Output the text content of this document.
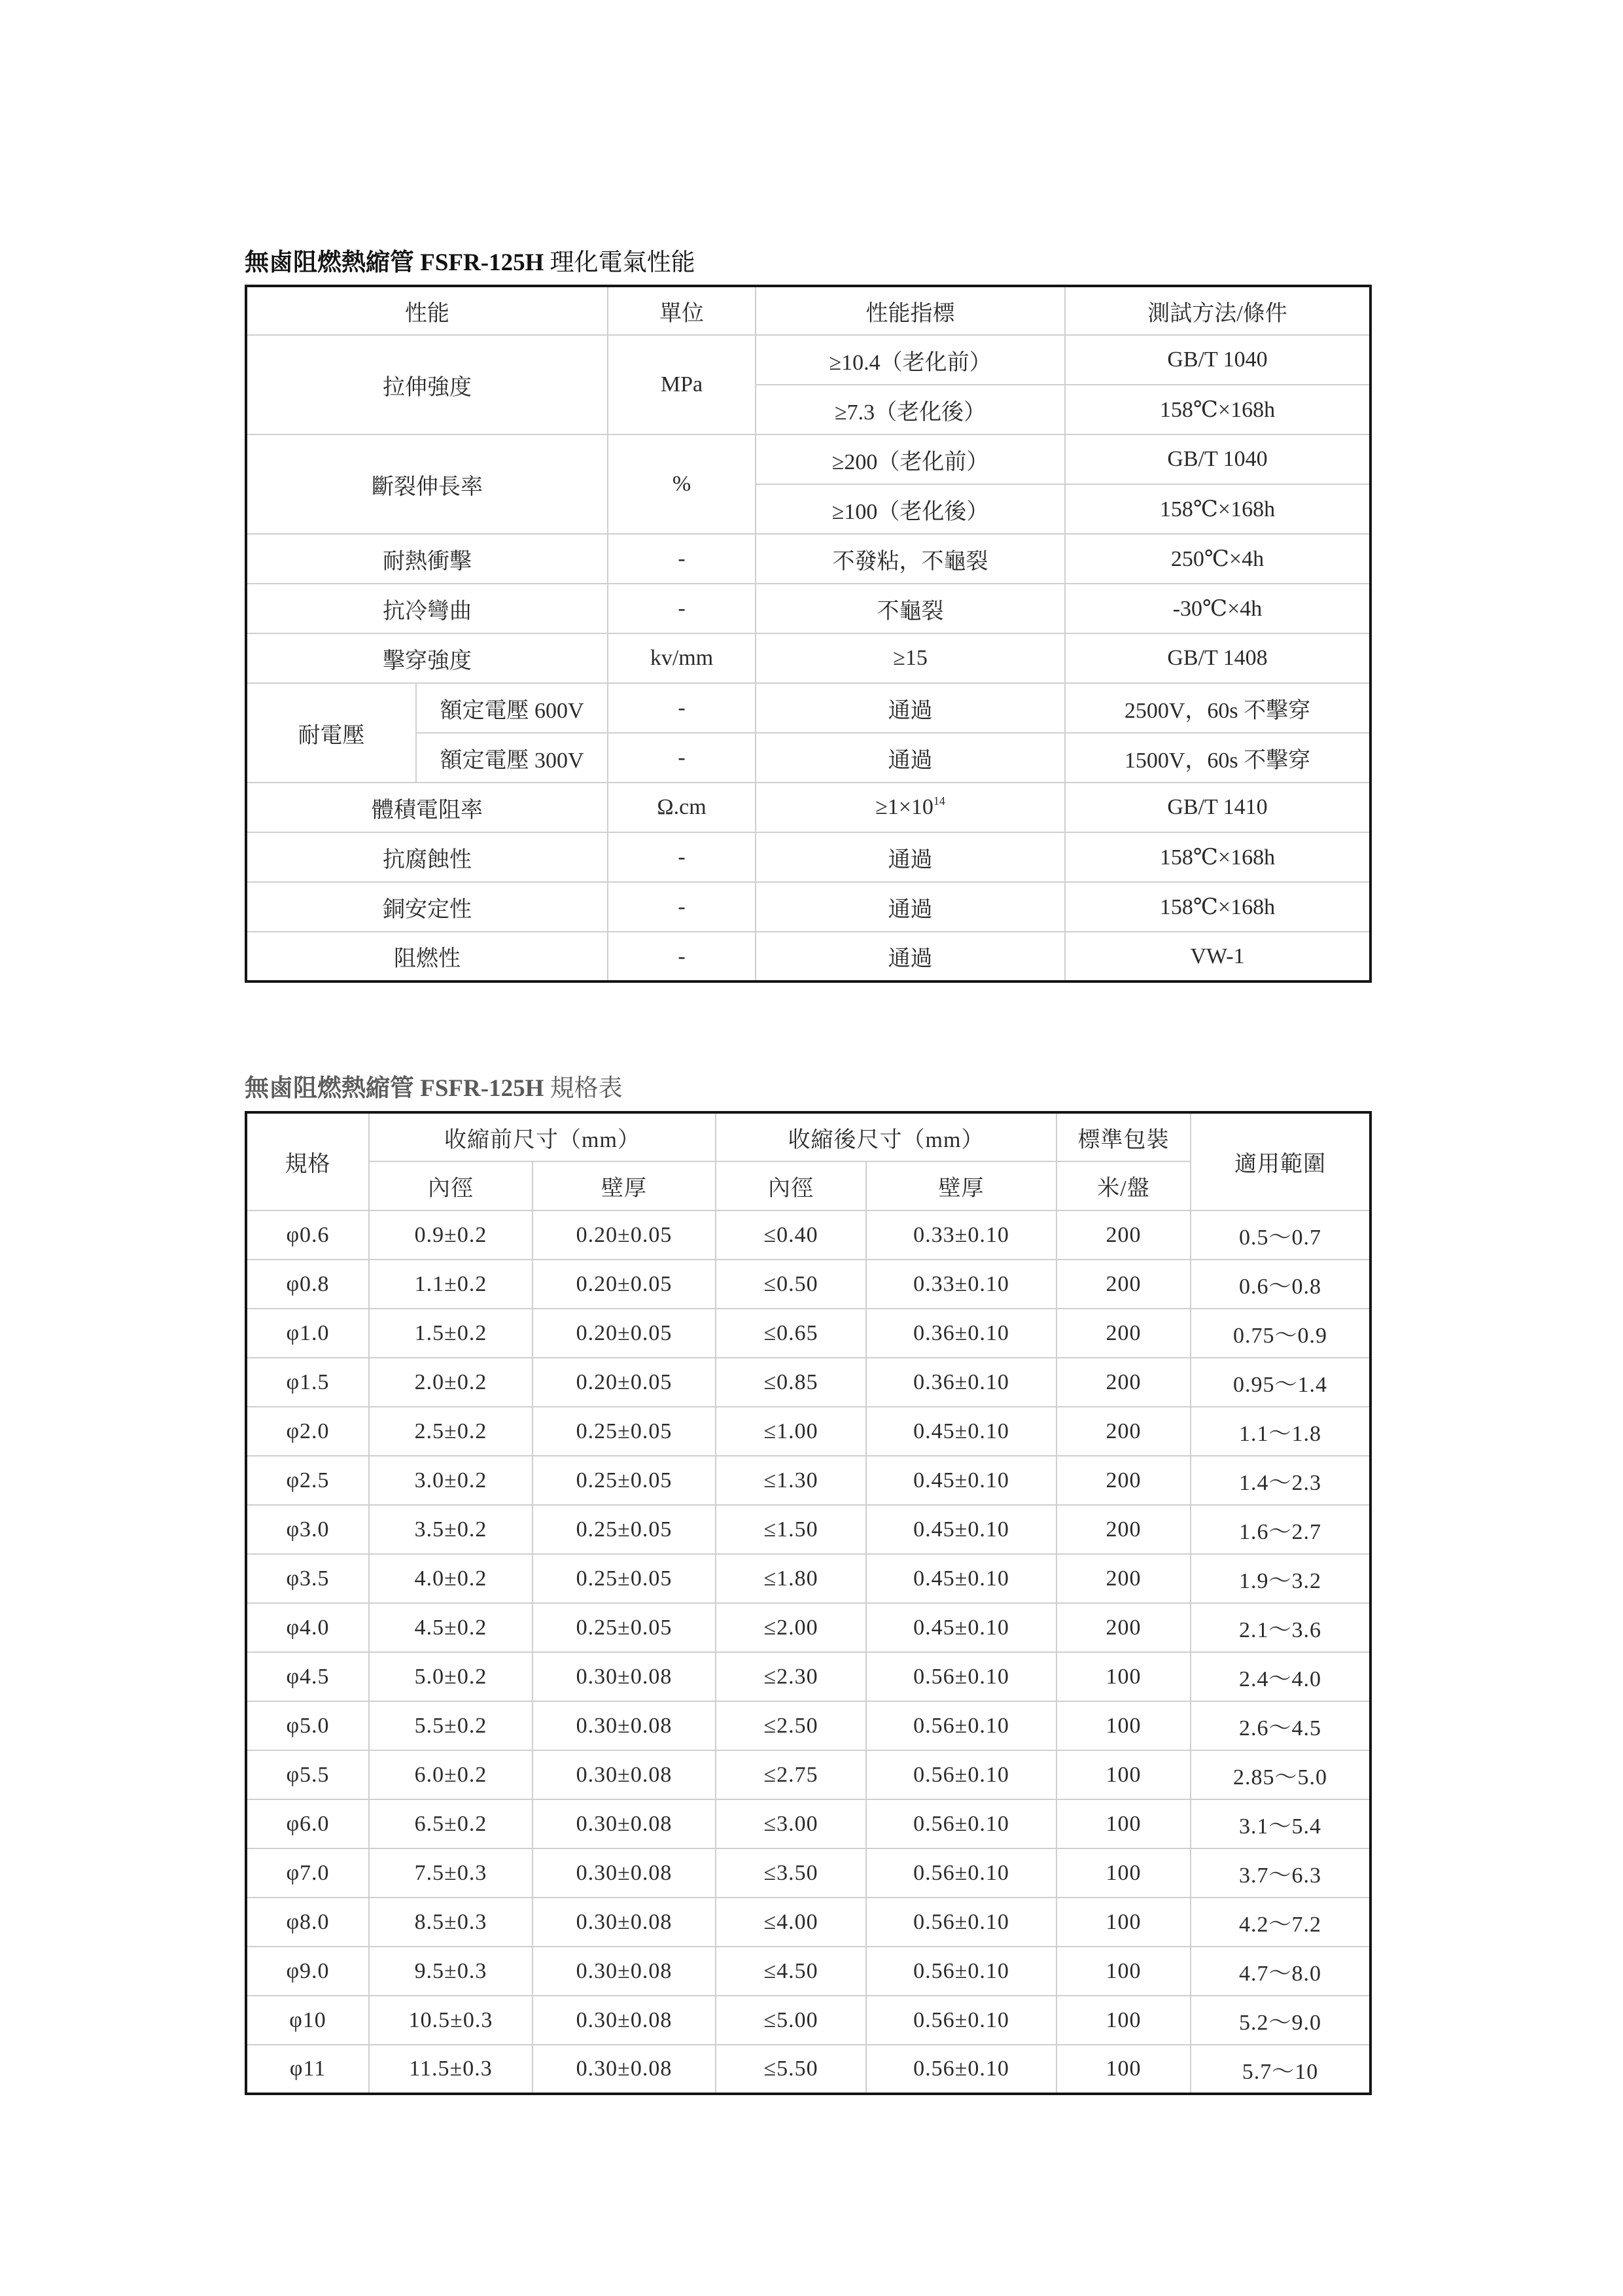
無鹵阻燃熱縮管 FSFR-125H 理化電氣性能
性能		單位	性能指標	測試方法/條件
拉伸強度		MPa	≥10.4（老化前）	GB/T 1040
			≥7.3（老化後）	158℃×168h
斷裂伸長率		%	≥200（老化前）	GB/T 1040
			≥100（老化後）	158℃×168h
耐熱衝擊		-	不發粘，不龜裂	250℃×4h
抗冷彎曲		-	不龜裂	-30℃×4h
擊穿強度		kv/mm	≥15	GB/T 1408
耐電壓	額定電壓 600V	-	通過	2500V，60s 不擊穿
	額定電壓 300V	-	通過	1500V，60s 不擊穿
體積電阻率		Ω.cm	$\ge 1\times 10^{14}$	GB/T 1410
抗腐蝕性		-	通過	158℃×168h
銅安定性		-	通過	158℃×168h
阻燃性		-	通過	VW-1
無鹵阻燃熱縮管 FSFR-125H 規格表
規格	收縮前尺寸（mm）		收縮後尺寸（mm）		標準包裝	適用範圍
	內徑	壁厚	內徑	壁厚	米/盤	
φ0.6	0.9±0.2	0.20±0.05	≤0.40	0.33±0.10	200	0.5～0.7
φ0.8	1.1±0.2	0.20±0.05	≤0.50	0.33±0.10	200	0.6～0.8
φ1.0	1.5±0.2	0.20±0.05	≤0.65	0.36±0.10	200	0.75～0.9
φ1.5	2.0±0.2	0.20±0.05	≤0.85	0.36±0.10	200	0.95～1.4
φ2.0	2.5±0.2	0.25±0.05	≤1.00	0.45±0.10	200	1.1～1.8
φ2.5	3.0±0.2	0.25±0.05	≤1.30	0.45±0.10	200	1.4～2.3
φ3.0	3.5±0.2	0.25±0.05	≤1.50	0.45±0.10	200	1.6～2.7
φ3.5	4.0±0.2	0.25±0.05	≤1.80	0.45±0.10	200	1.9～3.2
φ4.0	4.5±0.2	0.25±0.05	≤2.00	0.45±0.10	200	2.1～3.6
φ4.5	5.0±0.2	0.30±0.08	≤2.30	0.56±0.10	100	2.4～4.0
φ5.0	5.5±0.2	0.30±0.08	≤2.50	0.56±0.10	100	2.6～4.5
φ5.5	6.0±0.2	0.30±0.08	≤2.75	0.56±0.10	100	2.85～5.0
φ6.0	6.5±0.2	0.30±0.08	≤3.00	0.56±0.10	100	3.1～5.4
φ7.0	7.5±0.3	0.30±0.08	≤3.50	0.56±0.10	100	3.7～6.3
φ8.0	8.5±0.3	0.30±0.08	≤4.00	0.56±0.10	100	4.2～7.2
φ9.0	9.5±0.3	0.30±0.08	≤4.50	0.56±0.10	100	4.7～8.0
φ10	10.5±0.3	0.30±0.08	≤5.00	0.56±0.10	100	5.2～9.0
φ11	11.5±0.3	0.30±0.08	≤5.50	0.56±0.10	100	5.7～10
